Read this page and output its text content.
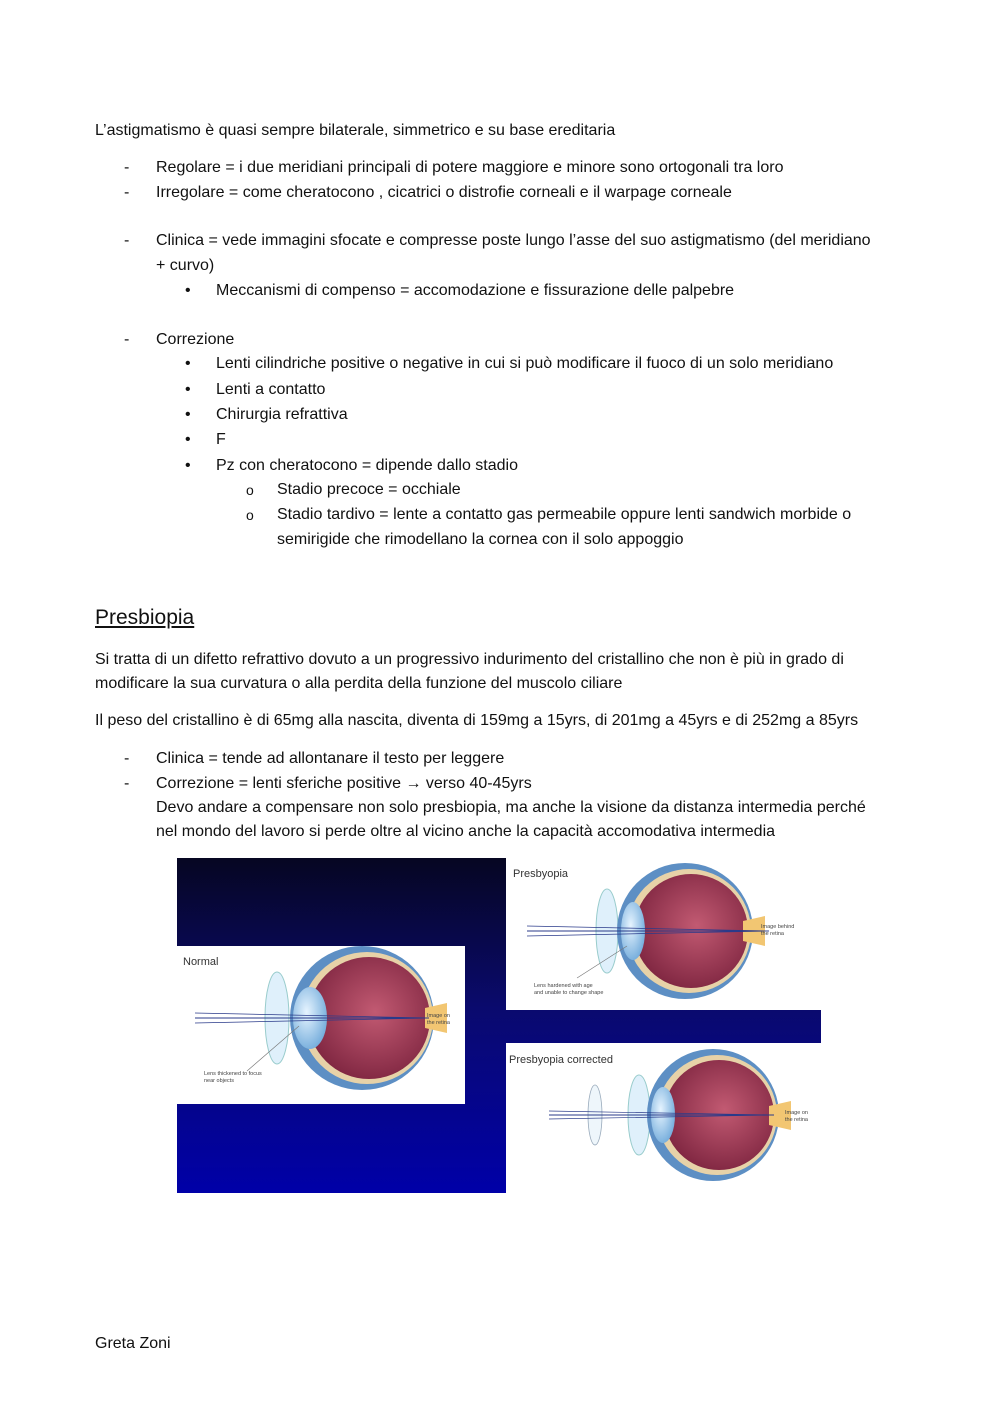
L’astigmatismo è quasi sempre bilaterale, simmetrico e su base ereditaria

- Regolare = i due meridiani principali di potere maggiore e minore sono ortogonali tra loro
- Irregolare = come cheratocono , cicatrici o distrofie corneali e il warpage corneale
- Clinica = vede immagini sfocate e compresse poste lungo l’asse del suo astigmatismo (del meridiano
+ curvo)
• Meccanismi di compenso = accomodazione e fissurazione delle palpebre
- Correzione
• Lenti cilindriche positive o negative in cui si può modificare il fuoco di un solo meridiano
• Lenti a contatto
• Chirurgia refrattiva
• F
• Pz con cheratocono = dipende dallo stadio
o Stadio precoce = occhiale
o Stadio tardivo = lente a contatto gas permeabile oppure lenti sandwich morbide o
semirigide che rimodellano la cornea con il solo appoggio
Presbiopia

Si tratta di un difetto refrattivo dovuto a un progressivo indurimento del cristallino che non è più in grado di

modificare la sua curvatura o alla perdita della funzione del muscolo ciliare

Il peso del cristallino è di 65mg alla nascita, diventa di 159mg a 15yrs, di 201mg a 45yrs e di 252mg a 85yrs

- Clinica = tende ad allontanare il testo per leggere
- Correzione = lenti sferiche positive → verso 40-45yrs
Devo andare a compensare non solo presbiopia, ma anche la visione da distanza intermedia perché
nel mondo del lavoro si perde oltre al vicino anche la capacità accomodativa intermedia
Normal
Lens thickened to focus
near objects
Image on
the retina
Presbyopia
Image behind
the retina
Lens hardened with age
and unable to change shape
Presbyopia corrected
Image on
the retina
Greta Zoni
